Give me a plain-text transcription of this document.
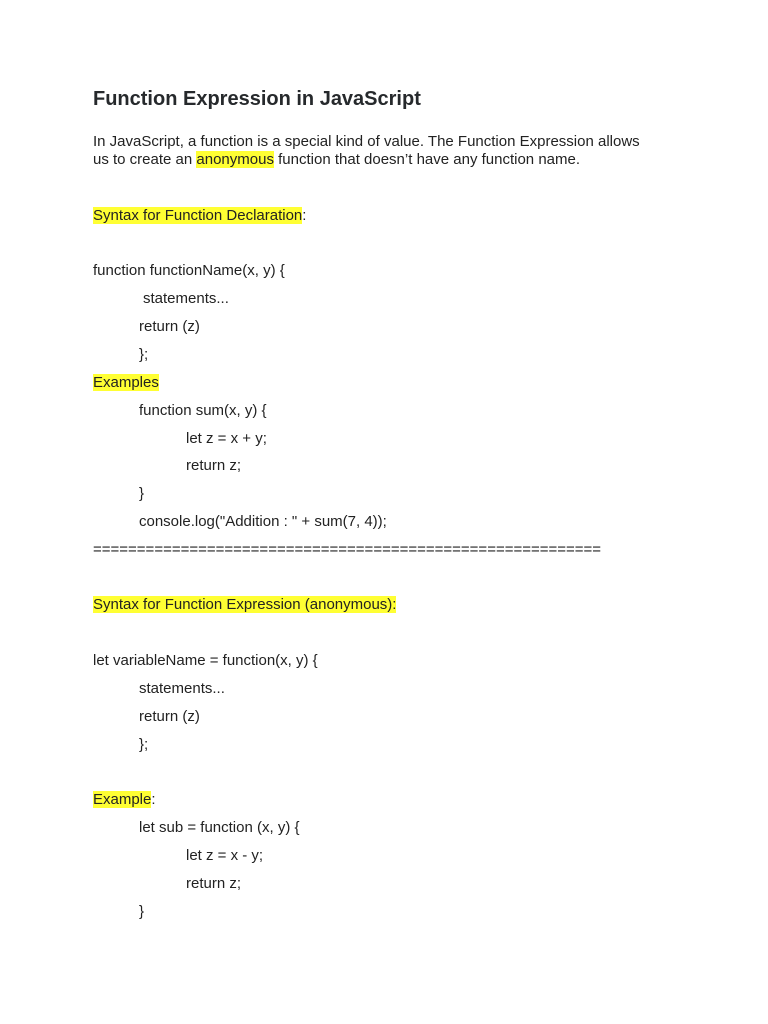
Function Expression in JavaScript
In JavaScript, a function is a special kind of value. The Function Expression allows
us to create an anonymous function that doesn’t have any function name.
Syntax for Function Declaration:
function functionName(x, y) {
statements...
return (z)
};
Examples
function sum(x, y) {
let z = x + y;
return z;
}
console.log("Addition : " + sum(7, 4));
==========================================================
Syntax for Function Expression (anonymous):
let variableName = function(x, y) {
statements...
return (z)
};
Example:
let sub = function (x, y) {
let z = x - y;
return z;
}
